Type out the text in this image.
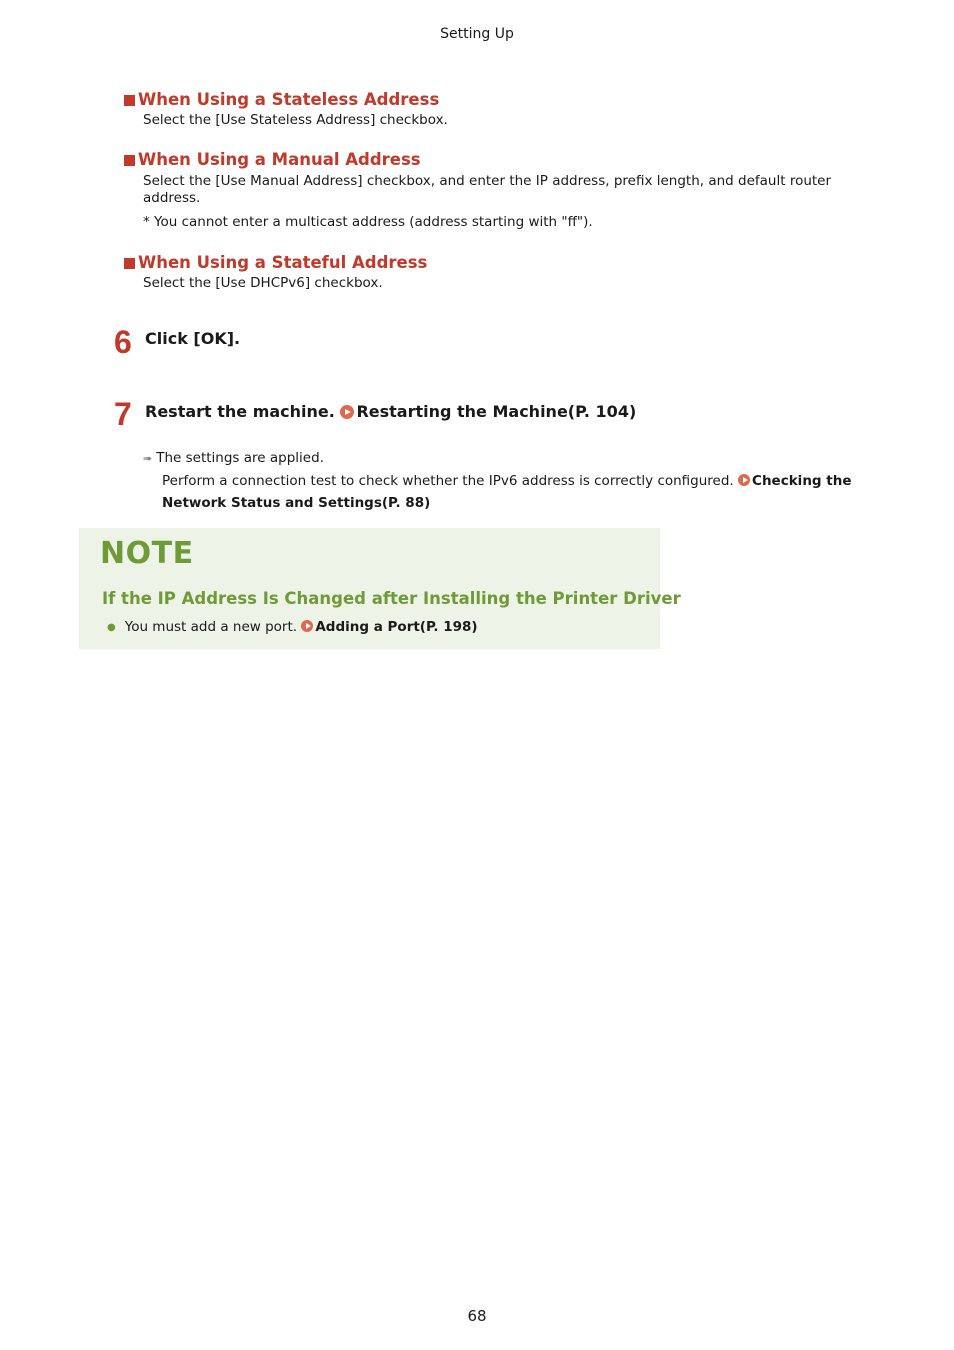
Setting Up
When Using a Stateless Address
Select the [Use Stateless Address] checkbox.
When Using a Manual Address
Select the [Use Manual Address] checkbox, and enter the IP address, prefix length, and default router address.
* You cannot enter a multicast address (address starting with "ff").
When Using a Stateful Address
Select the [Use DHCPv6] checkbox.
6 Click [OK].
7 Restart the machine. Restarting the Machine(P. 104)
➠ The settings are applied.
Perform a connection test to check whether the IPv6 address is correctly configured. Checking the Network Status and Settings(P. 88)
NOTE
If the IP Address Is Changed after Installing the Printer Driver
● You must add a new port. Adding a Port(P. 198)
68
